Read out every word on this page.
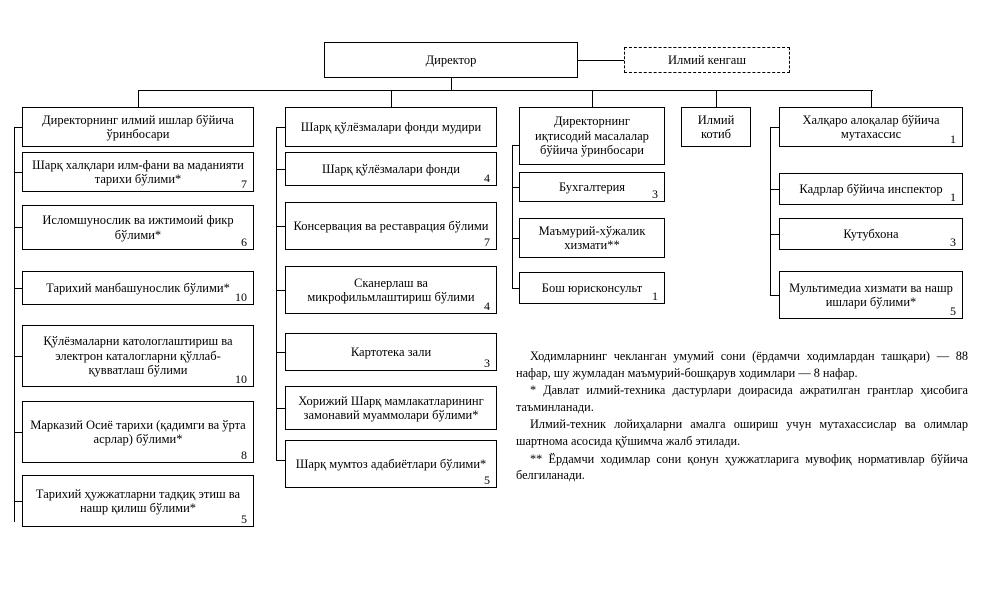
Директор	Илмий кенгаш
Директорнинг илмий ишлар бўйича ўринбосари
Директорнинг иқтисодий масалалар бўйича ўринбосари
Илмий котиб
Шарқ халқлари илм-фани ва маданияти тарихи бўлими*	7
Исломшунослик ва ижтимоий фикр бўлими*
6
Тарихий манбашунослик бўлими*
10
Қўлёзмаларни катологлаштириш ва электрон каталогларни қўллаб-қувватлаш бўлими
10
Марказий Осиё тарихи (қадимги ва ўрта асрлар) бўлими*
8
Тарихий ҳужжатларни тадқиқ этиш ва нашр қилиш бўлими*
5
Шарқ қўлёзмалари фонди мудири
Шарқ қўлёзмалари фонди
4
Консервация ва реставрация бўлими
7
Сканерлаш ва микрофильмлаштириш бўлими
4
Картотека зали
3
Хорижий Шарқ мамлакатларининг замонавий муаммолари бўлими*
Шарқ мумтоз адабиётлари бўлими*
5
Бухгалтерия
3
Маъмурий-хўжалик хизмати**
Бош юрисконсульт
1
Халқаро алоқалар бўйича мутахассис	1
Кадрлар бўйича инспектор
1
Кутубхона
3
Мультимедиа хизмати ва нашр ишлари бўлими*
5

Ходимларнинг чекланган умумий сони (ёрдамчи ходимлардан ташқари) — 88 нафар, шу жумладан маъмурий-бошқарув ходимлари — 8 нафар.

* Давлат илмий-техника дастурлари доирасида ажратилган грантлар ҳисобига таъминланади.

Илмий-техник лойиҳаларни амалга ошириш учун мутахассислар ва олимлар шартнома асосида қўшимча жалб этилади.

** Ёрдамчи ходимлар сони қонун ҳужжатларига мувофиқ нормативлар бўйича белгиланади.
